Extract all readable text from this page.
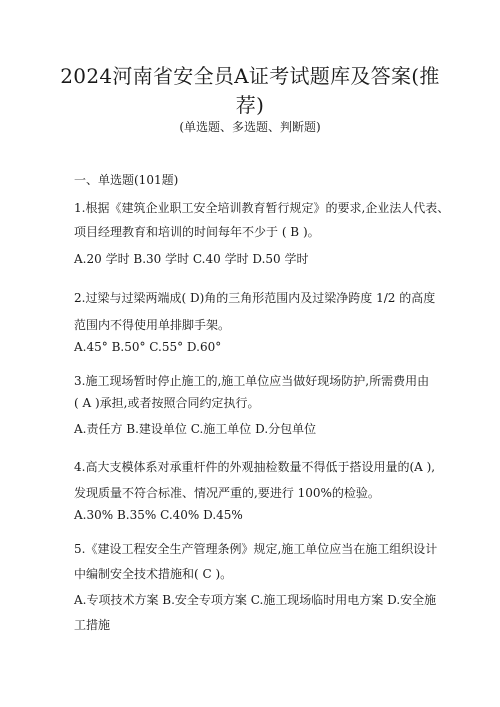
2024河南省安全员A证考试题库及答案(推荐)
(单选题、多选题、判断题)
一、单选题(101题)
1.根据《建筑企业职工安全培训教育暂行规定》的要求,企业法人代表、
项目经理教育和培训的时间每年不少于 ( B )。
A.20 学时 B.30 学时 C.40 学时 D.50 学时
2.过梁与过梁两端成( D)角的三角形范围内及过梁净跨度 1/2 的高度
范围内不得使用单排脚手架。
A.45° B.50° C.55° D.60°
3.施工现场暂时停止施工的,施工单位应当做好现场防护,所需费用由
( A )承担,或者按照合同约定执行。
A.责任方 B.建设单位 C.施工单位 D.分包单位
4.高大支模体系对承重杆件的外观抽检数量不得低于搭设用量的(A ),
发现质量不符合标准、情况严重的,要进行 100%的检验。
A.30% B.35% C.40% D.45%
5.《建设工程安全生产管理条例》规定,施工单位应当在施工组织设计
中编制安全技术措施和( C )。
A.专项技术方案 B.安全专项方案 C.施工现场临时用电方案 D.安全施
工措施
